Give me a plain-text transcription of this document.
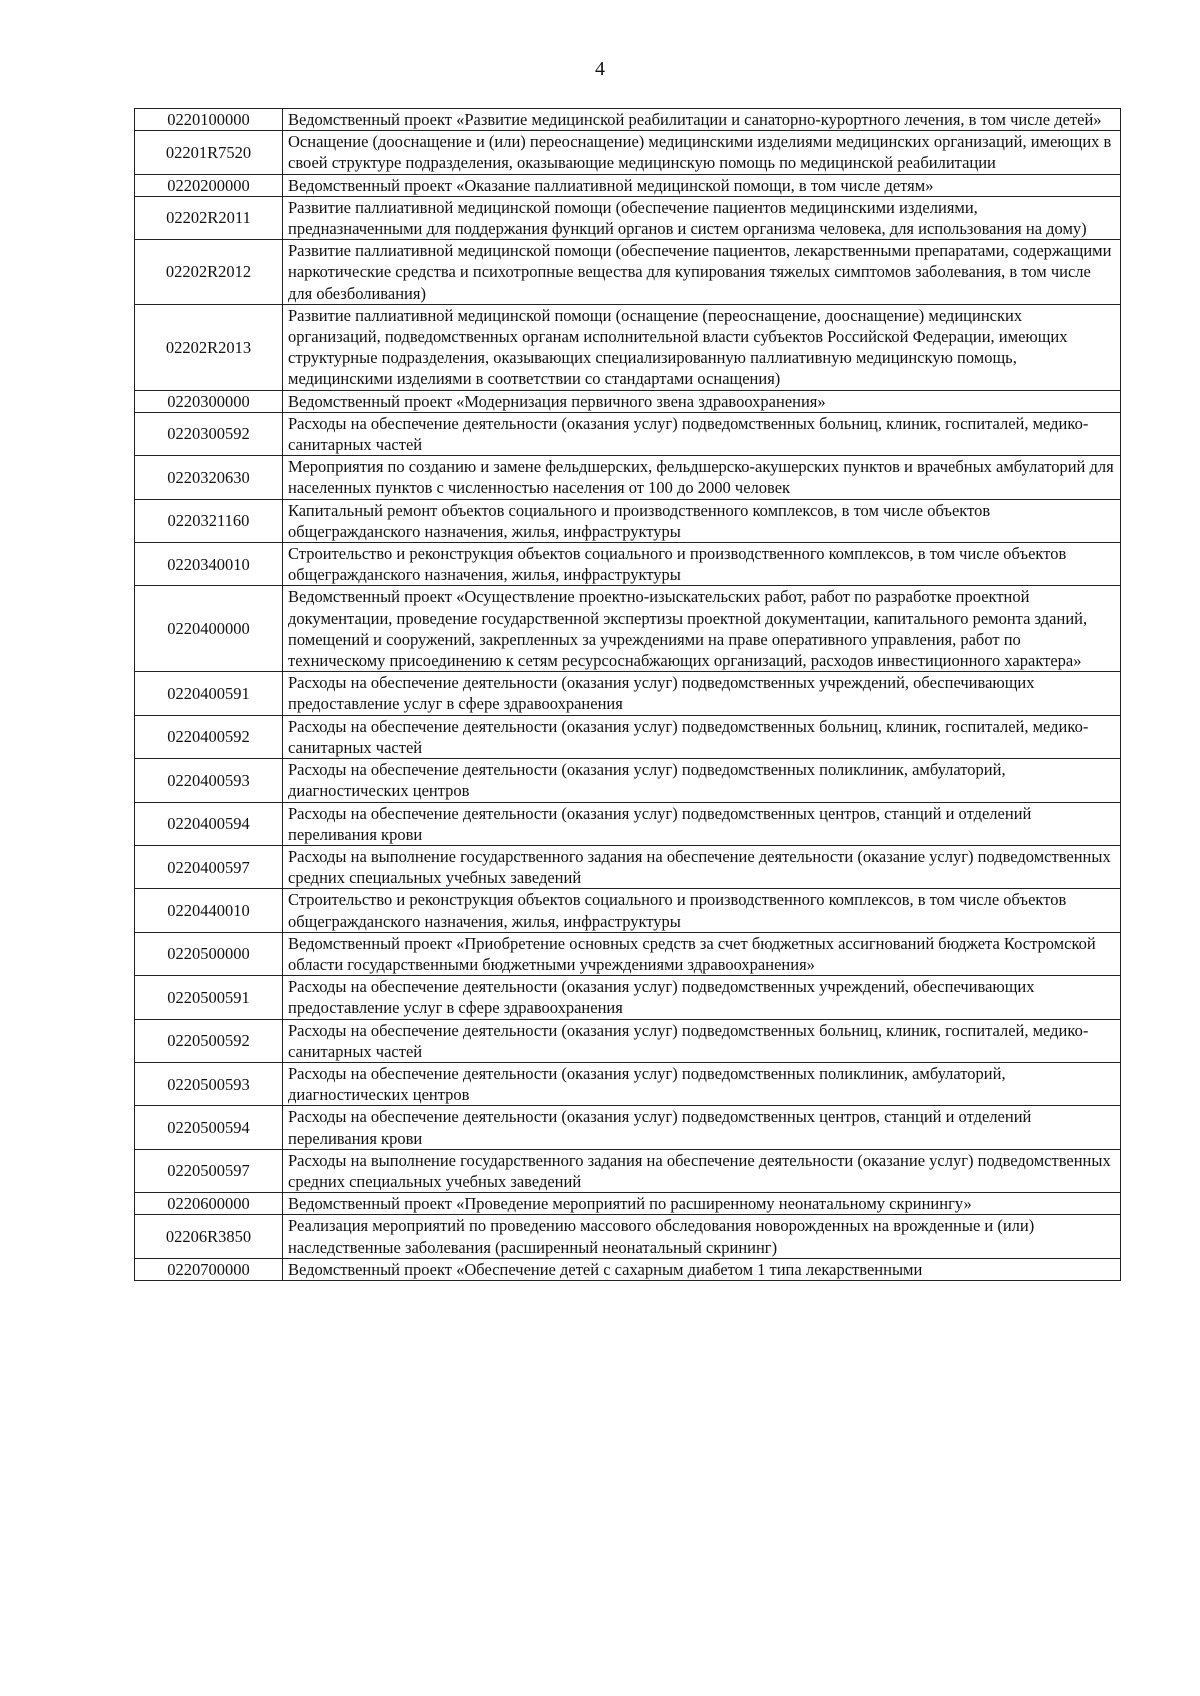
4
0220100000	Ведомственный проект «Развитие медицинской реабилитации и санаторно-курортного лечения, в том числе детей»
02201R7520	Оснащение (дооснащение и (или) переоснащение) медицинскими изделиями медицинских организаций, имеющих в своей структуре подразделения, оказывающие медицинскую помощь по медицинской реабилитации
0220200000	Ведомственный проект «Оказание паллиативной медицинской помощи, в том числе детям»
02202R2011	Развитие паллиативной медицинской помощи (обеспечение пациентов медицинскими изделиями, предназначенными для поддержания функций органов и систем организма человека, для использования на дому)
02202R2012	Развитие паллиативной медицинской помощи (обеспечение пациентов, лекарственными препаратами, содержащими наркотические средства и психотропные вещества для купирования тяжелых симптомов заболевания, в том числе для обезболивания)
02202R2013	Развитие паллиативной медицинской помощи (оснащение (переоснащение, дооснащение) медицинских организаций, подведомственных органам исполнительной власти субъектов Российской Федерации, имеющих структурные подразделения, оказывающих специализированную паллиативную медицинскую помощь, медицинскими изделиями в соответствии со стандартами оснащения)
0220300000	Ведомственный проект «Модернизация первичного звена здравоохранения»
0220300592	Расходы на обеспечение деятельности (оказания услуг) подведомственных больниц, клиник, госпиталей, медико-санитарных частей
0220320630	Мероприятия по созданию и замене фельдшерских, фельдшерско-акушерских пунктов и врачебных амбулаторий для населенных пунктов с численностью населения от 100 до 2000 человек
0220321160	Капитальный ремонт объектов социального и производственного комплексов, в том числе объектов общегражданского назначения, жилья, инфраструктуры
0220340010	Строительство и реконструкция объектов социального и производственного комплексов, в том числе объектов общегражданского назначения, жилья, инфраструктуры
0220400000	Ведомственный проект «Осуществление проектно-изыскательских работ, работ по разработке проектной документации, проведение государственной экспертизы проектной документации, капитального ремонта зданий, помещений и сооружений, закрепленных за учреждениями на праве оперативного управления, работ по техническому присоединению к сетям ресурсоснабжающих организаций, расходов инвестиционного характера»
0220400591	Расходы на обеспечение деятельности (оказания услуг) подведомственных учреждений, обеспечивающих предоставление услуг в сфере здравоохранения
0220400592	Расходы на обеспечение деятельности (оказания услуг) подведомственных больниц, клиник, госпиталей, медико-санитарных частей
0220400593	Расходы на обеспечение деятельности (оказания услуг) подведомственных поликлиник, амбулаторий, диагностических центров
0220400594	Расходы на обеспечение деятельности (оказания услуг) подведомственных центров, станций и отделений переливания крови
0220400597	Расходы на выполнение государственного задания на обеспечение деятельности (оказание услуг) подведомственных средних специальных учебных заведений
0220440010	Строительство и реконструкция объектов социального и производственного комплексов, в том числе объектов общегражданского назначения, жилья, инфраструктуры
0220500000	Ведомственный проект «Приобретение основных средств за счет бюджетных ассигнований бюджета Костромской области государственными бюджетными учреждениями здравоохранения»
0220500591	Расходы на обеспечение деятельности (оказания услуг) подведомственных учреждений, обеспечивающих предоставление услуг в сфере здравоохранения
0220500592	Расходы на обеспечение деятельности (оказания услуг) подведомственных больниц, клиник, госпиталей, медико-санитарных частей
0220500593	Расходы на обеспечение деятельности (оказания услуг) подведомственных поликлиник, амбулаторий, диагностических центров
0220500594	Расходы на обеспечение деятельности (оказания услуг) подведомственных центров, станций и отделений переливания крови
0220500597	Расходы на выполнение государственного задания на обеспечение деятельности (оказание услуг) подведомственных средних специальных учебных заведений
0220600000	Ведомственный проект «Проведение мероприятий по расширенному неонатальному скринингу»
02206R3850	Реализация мероприятий по проведению массового обследования новорожденных на врожденные и (или) наследственные заболевания (расширенный неонатальный скрининг)
0220700000	Ведомственный проект «Обеспечение детей с сахарным диабетом 1 типа лекарственными
